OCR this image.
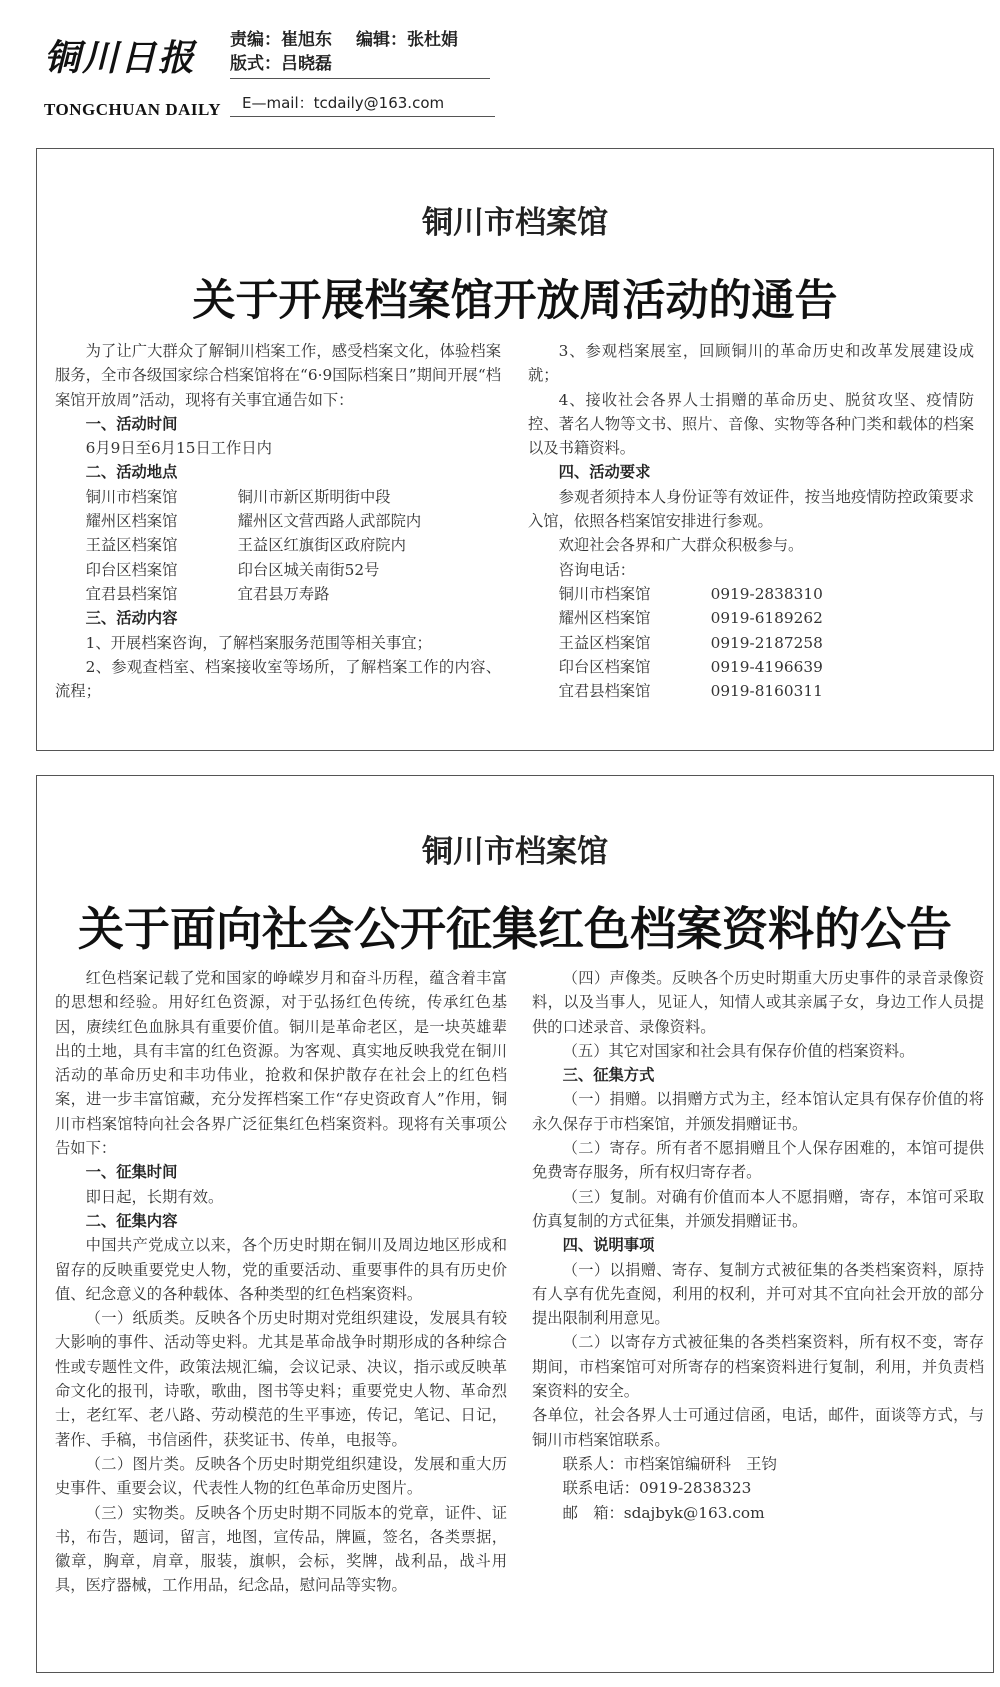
铜川日报
TONGCHUAN DAILY
责编：崔旭东 编辑：张杜娟
版式：吕晓磊
E—mail：tcdaily@163.com
铜川市档案馆
关于开展档案馆开放周活动的通告

为了让广大群众了解铜川档案工作，感受档案文化，体验档案服务，全市各级国家综合档案馆将在“6·9国际档案日”期间开展“档案馆开放周”活动，现将有关事宜通告如下：

一、活动时间
6月9日至6月15日工作日内
二、活动地点
铜川市档案馆	铜川市新区斯明街中段
耀州区档案馆	耀州区文营西路人武部院内
王益区档案馆	王益区红旗街区政府院内
印台区档案馆	印台区城关南街52号
宜君县档案馆	宜君县万寿路
三、活动内容

1、开展档案咨询，了解档案服务范围等相关事宜；

2、参观查档室、档案接收室等场所，了解档案工作的内容、流程；

3、参观档案展室，回顾铜川的革命历史和改革发展建设成就；

4、接收社会各界人士捐赠的革命历史、脱贫攻坚、疫情防控、著名人物等文书、照片、音像、实物等各种门类和载体的档案以及书籍资料。

四、活动要求

参观者须持本人身份证等有效证件，按当地疫情防控政策要求入馆，依照各档案馆安排进行参观。

欢迎社会各界和广大群众积极参与。

咨询电话：
铜川市档案馆	0919-2838310
耀州区档案馆	0919-6189262
王益区档案馆	0919-2187258
印台区档案馆	0919-4196639
宜君县档案馆	0919-8160311
铜川市档案馆
关于面向社会公开征集红色档案资料的公告

红色档案记载了党和国家的峥嵘岁月和奋斗历程，蕴含着丰富的思想和经验。用好红色资源，对于弘扬红色传统，传承红色基因，赓续红色血脉具有重要价值。铜川是革命老区，是一块英雄辈出的土地，具有丰富的红色资源。为客观、真实地反映我党在铜川活动的革命历史和丰功伟业，抢救和保护散存在社会上的红色档案，进一步丰富馆藏，充分发挥档案工作“存史资政育人”作用，铜川市档案馆特向社会各界广泛征集红色档案资料。现将有关事项公告如下：

一、征集时间
即日起，长期有效。
二、征集内容

中国共产党成立以来，各个历史时期在铜川及周边地区形成和留存的反映重要党史人物，党的重要活动、重要事件的具有历史价值、纪念意义的各种载体、各种类型的红色档案资料。

（一）纸质类。反映各个历史时期对党组织建设，发展具有较大影响的事件、活动等史料。尤其是革命战争时期形成的各种综合性或专题性文件，政策法规汇编，会议记录、决议，指示或反映革命文化的报刊，诗歌，歌曲，图书等史料；重要党史人物、革命烈士，老红军、老八路、劳动模范的生平事迹，传记，笔记、日记，著作、手稿，书信函件，获奖证书、传单，电报等。

（二）图片类。反映各个历史时期党组织建设，发展和重大历史事件、重要会议，代表性人物的红色革命历史图片。

（三）实物类。反映各个历史时期不同版本的党章，证件、证书，布告，题词，留言，地图，宣传品，牌匾，签名，各类票据，徽章，胸章，肩章，服装，旗帜，会标，奖牌，战利品，战斗用具，医疗器械，工作用品，纪念品，慰问品等实物。

（四）声像类。反映各个历史时期重大历史事件的录音录像资料，以及当事人，见证人，知情人或其亲属子女，身边工作人员提供的口述录音、录像资料。

（五）其它对国家和社会具有保存价值的档案资料。

三、征集方式

（一）捐赠。以捐赠方式为主，经本馆认定具有保存价值的将永久保存于市档案馆，并颁发捐赠证书。

（二）寄存。所有者不愿捐赠且个人保存困难的，本馆可提供免费寄存服务，所有权归寄存者。

（三）复制。对确有价值而本人不愿捐赠，寄存，本馆可采取仿真复制的方式征集，并颁发捐赠证书。

四、说明事项

（一）以捐赠、寄存、复制方式被征集的各类档案资料，原持有人享有优先查阅，利用的权利，并可对其不宜向社会开放的部分提出限制利用意见。

（二）以寄存方式被征集的各类档案资料，所有权不变，寄存期间，市档案馆可对所寄存的档案资料进行复制，利用，并负责档案资料的安全。

各单位，社会各界人士可通过信函，电话，邮件，面谈等方式，与铜川市档案馆联系。

联系人：市档案馆编研科　王钧
联系电话：0919-2838323
邮　箱：sdajbyk@163.com
